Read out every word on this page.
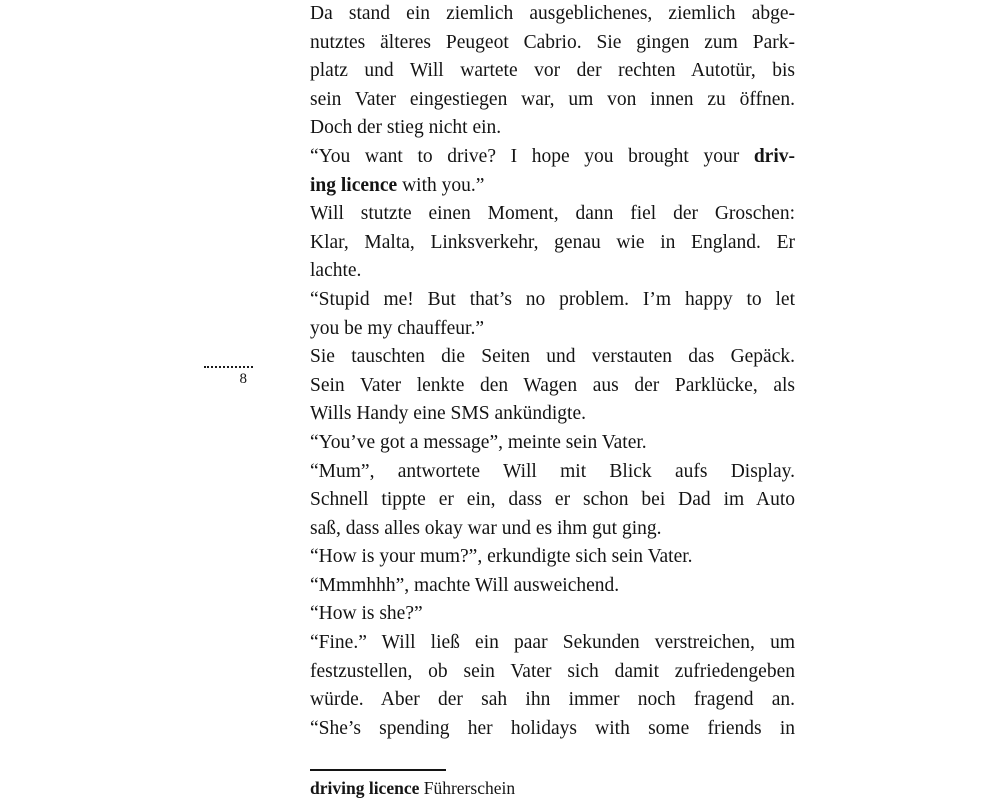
8
Da stand ein ziemlich ausgeblichenes, ziemlich abge-
nutztes älteres Peugeot Cabrio. Sie gingen zum Park-
platz und Will wartete vor der rechten Autotür, bis
sein Vater eingestiegen war, um von innen zu öffnen.
Doch der stieg nicht ein.
“You want to drive? I hope you brought your driv-
ing licence with you.”
Will stutzte einen Moment, dann fiel der Groschen:
Klar, Malta, Linksverkehr, genau wie in England. Er
lachte.
“Stupid me! But that’s no problem. I’m happy to let
you be my chauffeur.”
Sie tauschten die Seiten und verstauten das Gepäck.
Sein Vater lenkte den Wagen aus der Parklücke, als
Wills Handy eine SMS ankündigte.
“You’ve got a message”, meinte sein Vater.
“Mum”, antwortete Will mit Blick aufs Display.
Schnell tippte er ein, dass er schon bei Dad im Auto
saß, dass alles okay war und es ihm gut ging.
“How is your mum?”, erkundigte sich sein Vater.
“Mmmhhh”, machte Will ausweichend.
“How is she?”
“Fine.” Will ließ ein paar Sekunden verstreichen, um
festzustellen, ob sein Vater sich damit zufriedengeben
würde. Aber der sah ihn immer noch fragend an.
“She’s spending her holidays with some friends in

driving licence Führerschein
